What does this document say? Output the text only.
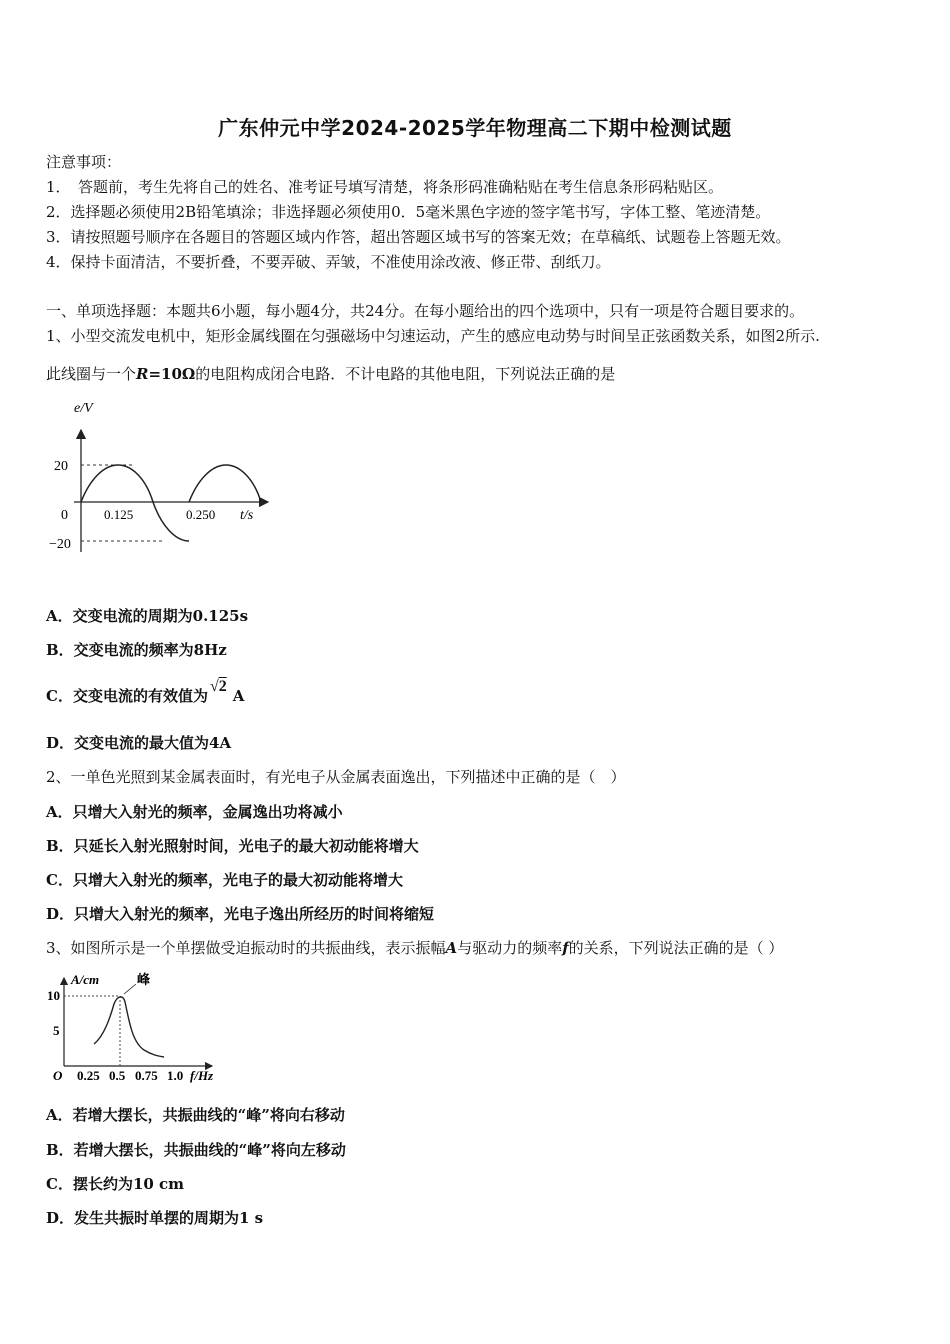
广东仲元中学2024-2025学年物理高二下期中检测试题
注意事项：
1．　答题前，考生先将自己的姓名、准考证号填写清楚，将条形码准确粘贴在考生信息条形码粘贴区。
2．选择题必须使用2B铅笔填涂；非选择题必须使用0．5毫米黑色字迹的签字笔书写，字体工整、笔迹清楚。
3．请按照题号顺序在各题目的答题区域内作答，超出答题区域书写的答案无效；在草稿纸、试题卷上答题无效。
4．保持卡面清洁，不要折叠，不要弄破、弄皱，不准使用涂改液、修正带、刮纸刀。
一、单项选择题：本题共6小题，每小题4分，共24分。在每小题给出的四个选项中，只有一项是符合题目要求的。
1、小型交流发电机中，矩形金属线圈在匀强磁场中匀速运动，产生的感应电动势与时间呈正弦函数关系，如图2所示.
此线圈与一个R=10Ω的电阻构成闭合电路．不计电路的其他电阻，下列说法正确的是
e/V
20
−20
0	0.125	0.250 t/s
A．交变电流的周期为0.125s
B．交变电流的频率为8Hz
C．交变电流的有效值为√2A
D．交变电流的最大值为4A
2、一单色光照到某金属表面时，有光电子从金属表面逸出，下列描述中正确的是（　）
A．只增大入射光的频率，金属逸出功将减小
B．只延长入射光照射时间，光电子的最大初动能将增大
C．只增大入射光的频率，光电子的最大初动能将增大
D．只增大入射光的频率，光电子逸出所经历的时间将缩短
3、如图所示是一个单摆做受迫振动时的共振曲线，表示振幅A与驱动力的频率f的关系，下列说法正确的是（ ）
A/cm	峰
10
5
O 0.25 0.5 0.75 1.0 f/Hz
A．若增大摆长，共振曲线的“峰”将向右移动
B．若增大摆长，共振曲线的“峰”将向左移动
C．摆长约为10 cm
D．发生共振时单摆的周期为1 s
